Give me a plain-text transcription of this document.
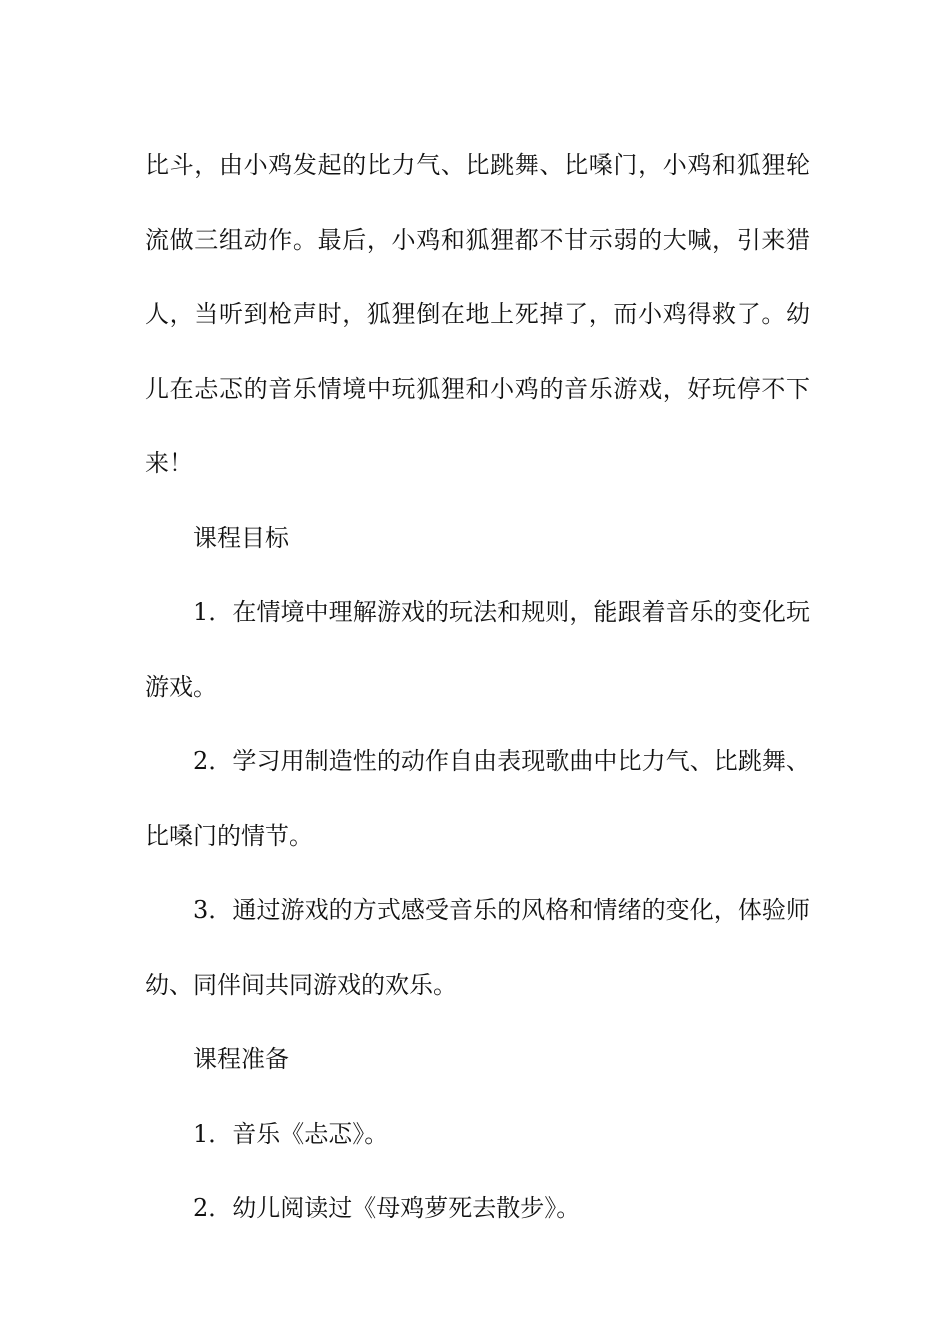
比斗，由小鸡发起的比力气、比跳舞、比嗓门，小鸡和狐狸轮流做三组动作。最后，小鸡和狐狸都不甘示弱的大喊，引来猎人，当听到枪声时，狐狸倒在地上死掉了，而小鸡得救了。幼儿在忐忑的音乐情境中玩狐狸和小鸡的音乐游戏，好玩停不下来！

课程目标

1．在情境中理解游戏的玩法和规则，能跟着音乐的变化玩游戏。

2．学习用制造性的动作自由表现歌曲中比力气、比跳舞、比嗓门的情节。

3．通过游戏的方式感受音乐的风格和情绪的变化，体验师幼、同伴间共同游戏的欢乐。

课程准备

1．音乐《忐忑》。

2．幼儿阅读过《母鸡萝死去散步》。
